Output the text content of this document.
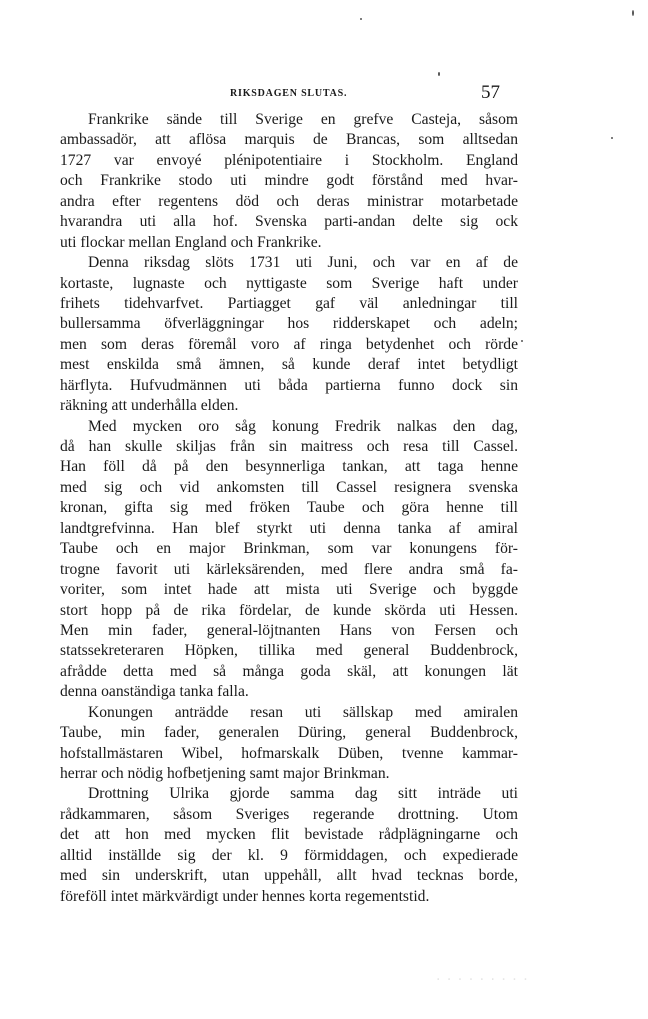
RIKSDAGEN SLUTAS.	57
Frankrike sände till Sverige en grefve Casteja, såsom
ambassadör, att aflösa marquis de Brancas, som alltsedan
1727 var envoyé plénipotentiaire i Stockholm. England
och Frankrike stodo uti mindre godt förstånd med hvar-
andra efter regentens död och deras ministrar motarbetade
hvarandra uti alla hof. Svenska parti-andan delte sig ock
uti flockar mellan England och Frankrike.
Denna riksdag slöts 1731 uti Juni, och var en af de
kortaste, lugnaste och nyttigaste som Sverige haft under
frihets tidehvarfvet. Partiagget gaf väl anledningar till
bullersamma öfverläggningar hos ridderskapet och adeln;
men som deras föremål voro af ringa betydenhet och rörde
mest enskilda små ämnen, så kunde deraf intet betydligt
härflyta. Hufvudmännen uti båda partierna funno dock sin
räkning att underhålla elden.
Med mycken oro såg konung Fredrik nalkas den dag,
då han skulle skiljas från sin maitress och resa till Cassel.
Han föll då på den besynnerliga tankan, att taga henne
med sig och vid ankomsten till Cassel resignera svenska
kronan, gifta sig med fröken Taube och göra henne till
landtgrefvinna. Han blef styrkt uti denna tanka af amiral
Taube och en major Brinkman, som var konungens för-
trogne favorit uti kärleksärenden, med flere andra små fa-
voriter, som intet hade att mista uti Sverige och byggde
stort hopp på de rika fördelar, de kunde skörda uti Hessen.
Men min fader, general-löjtnanten Hans von Fersen och
statssekreteraren Höpken, tillika med general Buddenbrock,
afrådde detta med så många goda skäl, att konungen lät
denna oanständiga tanka falla.
Konungen anträdde resan uti sällskap med amiralen
Taube, min fader, generalen Düring, general Buddenbrock,
hofstallmästaren Wibel, hofmarskalk Düben, tvenne kammar-
herrar och nödig hofbetjening samt major Brinkman.
Drottning Ulrika gjorde samma dag sitt inträde uti
rådkammaren, såsom Sveriges regerande drottning. Utom
det att hon med mycken flit bevistade rådplägningarne och
alltid inställde sig der kl. 9 förmiddagen, och expedierade
med sin underskrift, utan uppehåll, allt hvad tecknas borde,
föreföll intet märkvärdigt under hennes korta regementstid.
· · · · · · · · ·
